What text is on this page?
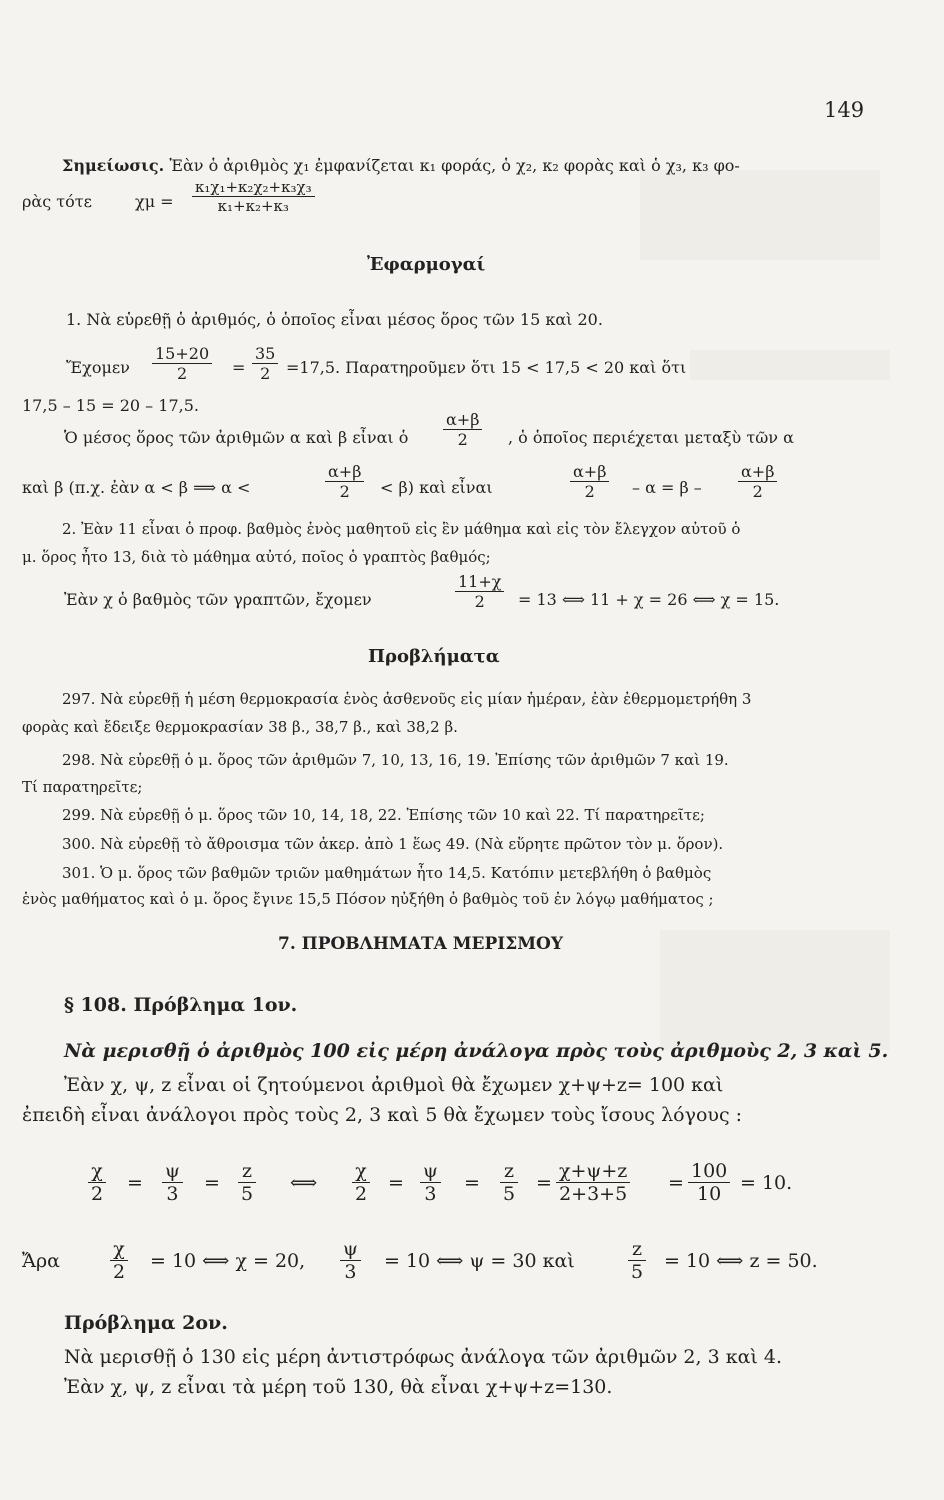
149
Σημείωσις. Ἐὰν ὁ ἀριθμὸς χ₁ ἐμφανίζεται κ₁ φοράς, ὁ χ₂, κ₂ φορὰς καὶ ὁ χ₃, κ₃ φο-
ρὰς τότε	$\chi\mu = \frac{\text{κ₁χ₁+κ₂χ₂+κ₃χ₃}}{\text{κ₁+κ₂+κ₃}}$
Ἐφαρμογαί
1. Νὰ εὑρεθῇ ὁ ἀριθμός, ὁ ὁποῖος εἶναι μέσος ὅρος τῶν 15 καὶ 20.
Ἔχομεν $\frac{15+20}{2} = \frac{35}{2} =17,5$. Παρατηροῦμεν ὅτι 15 < 17,5 < 20 καὶ ὅτι
17,5 – 15 = 20 – 17,5.
Ὁ μέσος ὅρος τῶν ἀριθμῶν α καὶ β εἶναι ὁ $\frac{\alpha+\beta}{2}$ , ὁ ὁποῖος περιέχεται μεταξὺ τῶν α
καὶ β (π.χ. ἐὰν α < β ⟹ α <	$\frac{\alpha+\beta}{2} < \beta$) καὶ εἶναι	$\frac{\alpha+\beta}{2} - \alpha = \beta - \frac{\alpha+\beta}{2}$
2. Ἐὰν 11 εἶναι ὁ προφ. βαθμὸς ἑνὸς μαθητοῦ εἰς ἓν μάθημα καὶ εἰς τὸν ἔλεγχον αὐτοῦ ὁ
μ. ὅρος ἦτο 13, διὰ τὸ μάθημα αὐτό, ποῖος ὁ γραπτὸς βαθμός;
Ἐὰν χ ὁ βαθμὸς τῶν γραπτῶν, ἔχομεν	$\frac{11+\chi}{2} = 13$ ⟺ 11 + χ = 26 ⟺ χ = 15.
Προβλήματα
297. Νὰ εὑρεθῇ ἡ μέση θερμοκρασία ἑνὸς ἀσθενοῦς εἰς μίαν ἡμέραν, ἐὰν ἐθερμομετρήθη 3
φορὰς καὶ ἔδειξε θερμοκρασίαν 38 β., 38,7 β., καὶ 38,2 β.
298. Νὰ εὑρεθῇ ὁ μ. ὅρος τῶν ἀριθμῶν 7, 10, 13, 16, 19. Ἐπίσης τῶν ἀριθμῶν 7 καὶ 19.
Τί παρατηρεῖτε;
299. Νὰ εὑρεθῇ ὁ μ. ὅρος τῶν 10, 14, 18, 22. Ἐπίσης τῶν 10 καὶ 22. Τί παρατηρεῖτε;
300. Νὰ εὑρεθῇ τὸ ἄθροισμα τῶν ἀκερ. ἀπὸ 1 ἕως 49. (Νὰ εὕρητε πρῶτον τὸν μ. ὅρον).
301. Ὁ μ. ὅρος τῶν βαθμῶν τριῶν μαθημάτων ἦτο 14,5. Κατόπιν μετεβλήθη ὁ βαθμὸς
ἑνὸς μαθήματος καὶ ὁ μ. ὅρος ἔγινε 15,5 Πόσον ηὐξήθη ὁ βαθμὸς τοῦ ἐν λόγῳ μαθήματος ;
7. ΠΡΟΒΛΗΜΑΤΑ ΜΕΡΙΣΜΟΥ
§ 108. Πρόβλημα 1ον.
Νὰ μερισθῇ ὁ ἀριθμὸς 100 εἰς μέρη ἀνάλογα πρὸς τοὺς ἀριθμοὺς 2, 3 καὶ 5.
Ἐὰν χ, ψ, z εἶναι οἱ ζητούμενοι ἀριθμοὶ θὰ ἔχωμεν χ+ψ+z= 100 καὶ
ἐπειδὴ εἶναι ἀνάλογοι πρὸς τοὺς 2, 3 καὶ 5 θὰ ἔχωμεν τοὺς ἴσους λόγους :
$\frac{\chi}{2} = \frac{\psi}{3} = \frac{z}{5}$ ⟺ $\frac{\chi}{2} = \frac{\psi}{3} = \frac{z}{5} = \frac{\chi+\psi+z}{2+3+5} = \frac{100}{10} = 10$.
Ἄρα	$\frac{\chi}{2} = 10$ ⟺ χ = 20, $\frac{\psi}{3} = 10$ ⟺ ψ = 30 καὶ	$\frac{z}{5} = 10$ ⟺ z = 50.
Πρόβλημα 2ον.
Νὰ μερισθῇ ὁ 130 εἰς μέρη ἀντιστρόφως ἀνάλογα τῶν ἀριθμῶν 2, 3 καὶ 4.
Ἐὰν χ, ψ, z εἶναι τὰ μέρη τοῦ 130, θὰ εἶναι χ+ψ+z=130.
